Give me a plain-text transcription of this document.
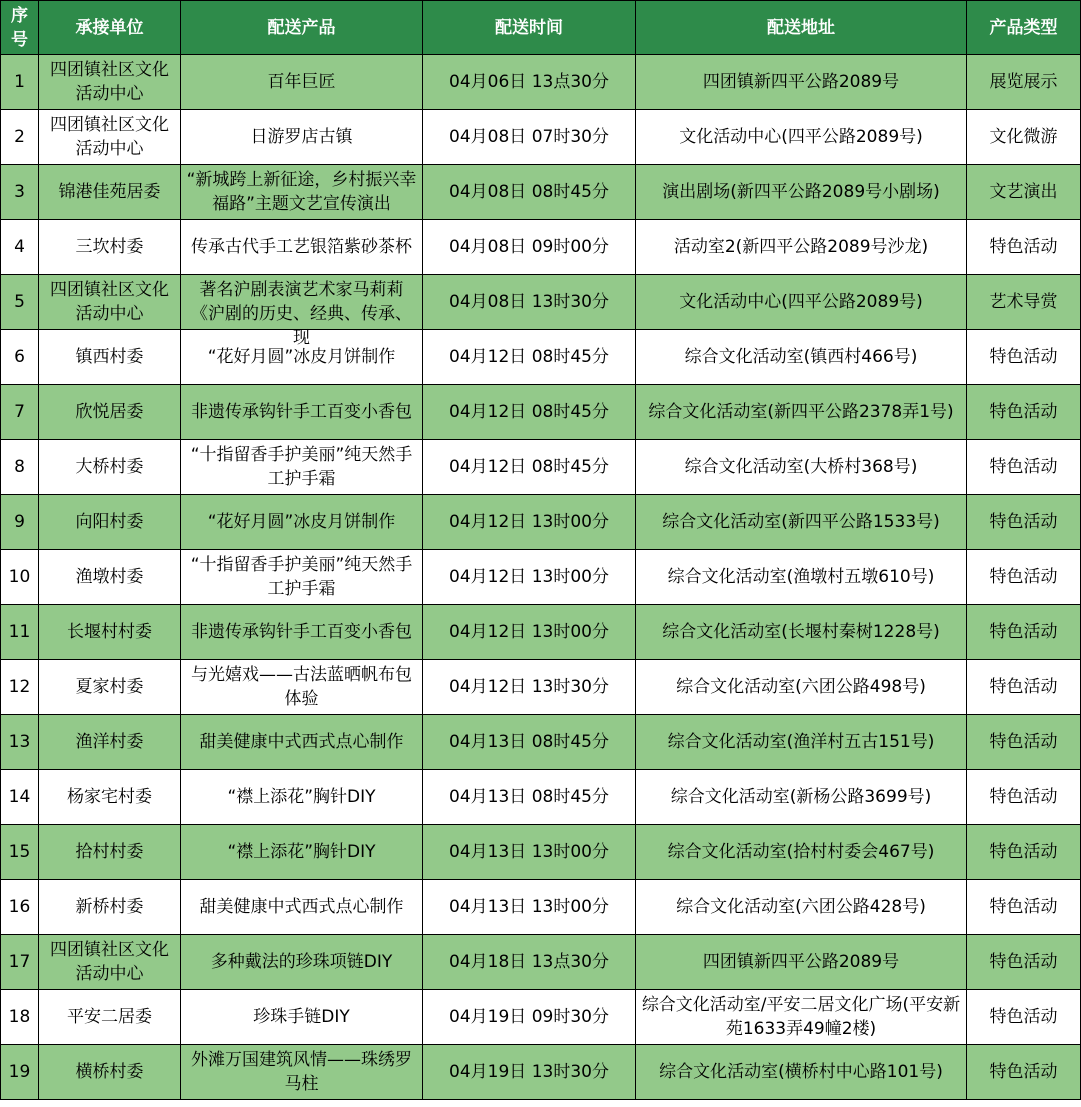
序号	承接单位	配送产品	配送时间	配送地址	产品类型

1	四团镇社区文化活动中心	百年巨匠	04月06日 13点30分	四团镇新四平公路2089号	展览展示

2	四团镇社区文化活动中心	日游罗店古镇	04月08日 07时30分	文化活动中心(四平公路2089号)	文化微游

3	锦港佳苑居委	“新城跨上新征途，乡村振兴幸福路”主题文艺宣传演出	04月08日 08时45分	演出剧场(新四平公路2089号小剧场)	文艺演出

4	三坎村委	传承古代手工艺银箔紫砂茶杯	04月08日 09时00分	活动室2(新四平公路2089号沙龙)	特色活动

5	四团镇社区文化活动中心	著名沪剧表演艺术家马莉莉《沪剧的历史、经典、传承、现	04月08日 13时30分	文化活动中心(四平公路2089号)	艺术导赏

6	镇西村委	“花好月圆”冰皮月饼制作	04月12日 08时45分	综合文化活动室(镇西村466号)	特色活动

7	欣悦居委	非遗传承钩针手工百变小香包	04月12日 08时45分	综合文化活动室(新四平公路2378弄1号)	特色活动

8	大桥村委	“十指留香手护美丽”纯天然手工护手霜	04月12日 08时45分	综合文化活动室(大桥村368号)	特色活动

9	向阳村委	“花好月圆”冰皮月饼制作	04月12日 13时00分	综合文化活动室(新四平公路1533号)	特色活动

10	渔墩村委	“十指留香手护美丽”纯天然手工护手霜	04月12日 13时00分	综合文化活动室(渔墩村五墩610号)	特色活动

11	长堰村村委	非遗传承钩针手工百变小香包	04月12日 13时00分	综合文化活动室(长堰村秦树1228号)	特色活动

12	夏家村委	与光嬉戏——古法蓝晒帆布包体验	04月12日 13时30分	综合文化活动室(六团公路498号)	特色活动

13	渔洋村委	甜美健康中式西式点心制作	04月13日 08时45分	综合文化活动室(渔洋村五古151号)	特色活动

14	杨家宅村委	“襟上添花”胸针DIY	04月13日 08时45分	综合文化活动室(新杨公路3699号)	特色活动

15	拾村村委	“襟上添花”胸针DIY	04月13日 13时00分	综合文化活动室(拾村村委会467号)	特色活动

16	新桥村委	甜美健康中式西式点心制作	04月13日 13时00分	综合文化活动室(六团公路428号)	特色活动

17	四团镇社区文化活动中心	多种戴法的珍珠项链DIY	04月18日 13点30分	四团镇新四平公路2089号	特色活动

18	平安二居委	珍珠手链DIY	04月19日 09时30分	综合文化活动室/平安二居文化广场(平安新苑1633弄49幢2楼)	特色活动

19	横桥村委	外滩万国建筑风情——珠绣罗马柱	04月19日 13时30分	综合文化活动室(横桥村中心路101号)	特色活动
